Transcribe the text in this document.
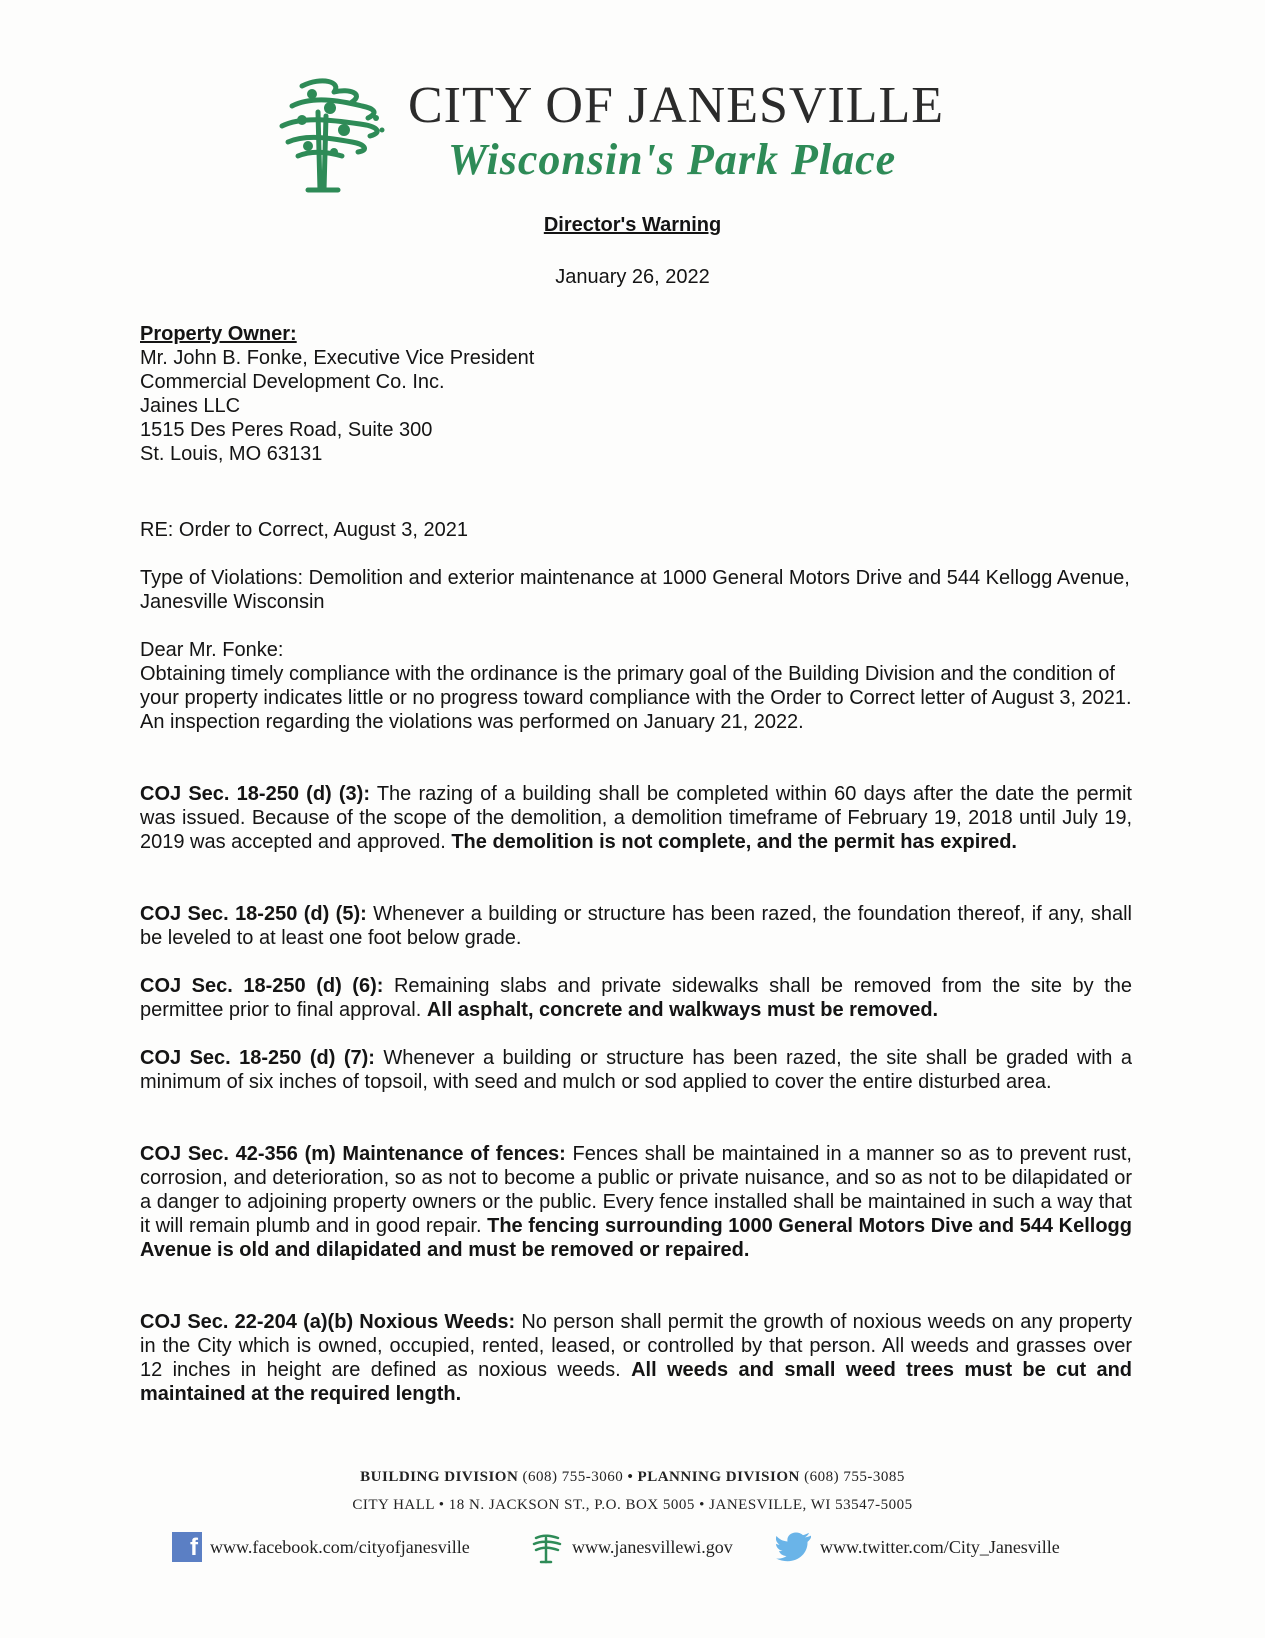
CITY OF JANESVILLE
Wisconsin's Park Place
Director's Warning
January 26, 2022
Property Owner:
Mr. John B. Fonke, Executive Vice President
Commercial Development Co. Inc.
Jaines LLC
1515 Des Peres Road, Suite 300
St. Louis, MO 63131
RE: Order to Correct, August 3, 2021
Type of Violations: Demolition and exterior maintenance at 1000 General Motors Drive and 544 Kellogg Avenue, Janesville Wisconsin
Dear Mr. Fonke:
Obtaining timely compliance with the ordinance is the primary goal of the Building Division and the condition of your property indicates little or no progress toward compliance with the Order to Correct letter of August 3, 2021. An inspection regarding the violations was performed on January 21, 2022.
COJ Sec. 18-250 (d) (3): The razing of a building shall be completed within 60 days after the date the permit was issued. Because of the scope of the demolition, a demolition timeframe of February 19, 2018 until July 19, 2019 was accepted and approved. The demolition is not complete, and the permit has expired.
COJ Sec. 18-250 (d) (5): Whenever a building or structure has been razed, the foundation thereof, if any, shall be leveled to at least one foot below grade.
COJ Sec. 18-250 (d) (6): Remaining slabs and private sidewalks shall be removed from the site by the permittee prior to final approval. All asphalt, concrete and walkways must be removed.
COJ Sec. 18-250 (d) (7): Whenever a building or structure has been razed, the site shall be graded with a minimum of six inches of topsoil, with seed and mulch or sod applied to cover the entire disturbed area.
COJ Sec. 42-356 (m) Maintenance of fences: Fences shall be maintained in a manner so as to prevent rust, corrosion, and deterioration, so as not to become a public or private nuisance, and so as not to be dilapidated or a danger to adjoining property owners or the public. Every fence installed shall be maintained in such a way that it will remain plumb and in good repair. The fencing surrounding 1000 General Motors Dive and 544 Kellogg Avenue is old and dilapidated and must be removed or repaired.
COJ Sec. 22-204 (a)(b) Noxious Weeds: No person shall permit the growth of noxious weeds on any property in the City which is owned, occupied, rented, leased, or controlled by that person. All weeds and grasses over 12 inches in height are defined as noxious weeds. All weeds and small weed trees must be cut and maintained at the required length.
BUILDING DIVISION (608) 755-3060 • PLANNING DIVISION (608) 755-3085
CITY HALL • 18 N. JACKSON ST., P.O. BOX 5005 • JANESVILLE, WI 53547-5005
f www.facebook.com/cityofjanesville	www.janesvillewi.gov	www.twitter.com/City_Janesville
